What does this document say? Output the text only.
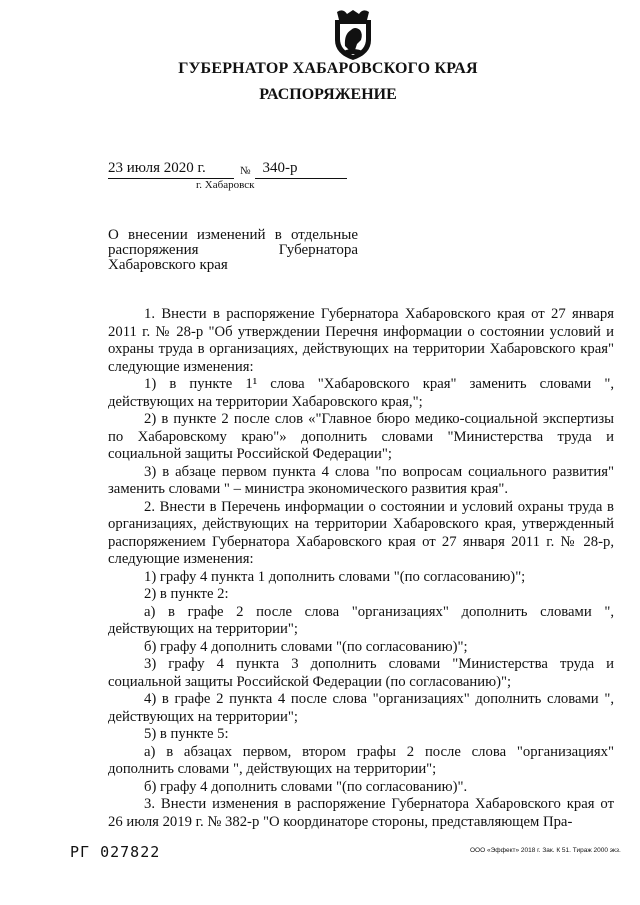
ГУБЕРНАТОР ХАБАРОВСКОГО КРАЯ
РАСПОРЯЖЕНИЕ
23 июля 2020 г.	№ 340-р
г. Хабаровск
О внесении изменений в отдельные распоряжения Губернатора Хабаровского края

1. Внести в распоряжение Губернатора Хабаровского края от 27 января 2011 г. № 28-р "Об утверждении Перечня информации о состоянии условий и охраны труда в организациях, действующих на территории Хабаровского края" следующие изменения:

1) в пункте 1¹ слова "Хабаровского края" заменить словами ", действующих на территории Хабаровского края,";

2) в пункте 2 после слов «"Главное бюро медико-социальной экспертизы по Хабаровскому краю"» дополнить словами "Министерства труда и социальной защиты Российской Федерации";

3) в абзаце первом пункта 4 слова "по вопросам социального развития" заменить словами " – министра экономического развития края".

2. Внести в Перечень информации о состоянии и условий охраны труда в организациях, действующих на территории Хабаровского края, утвержденный распоряжением Губернатора Хабаровского края от 27 января 2011 г. № 28-р, следующие изменения:

1) графу 4 пункта 1 дополнить словами "(по согласованию)";

2) в пункте 2:

а) в графе 2 после слова "организациях" дополнить словами ", действующих на территории";

б) графу 4 дополнить словами "(по согласованию)";

3) графу 4 пункта 3 дополнить словами "Министерства труда и социальной защиты Российской Федерации (по согласованию)";

4) в графе 2 пункта 4 после слова "организациях" дополнить словами ", действующих на территории";

5) в пункте 5:

а) в абзацах первом, втором графы 2 после слова "организациях" дополнить словами ", действующих на территории";

б) графу 4 дополнить словами "(по согласованию)".

3. Внести изменения в распоряжение Губернатора Хабаровского края от 26 июля 2019 г. № 382-р "О координаторе стороны, представляющем Пра-

РГ 027822	ООО «Эффект» 2018 г. Зак. К 51. Тираж 2000 экз.
